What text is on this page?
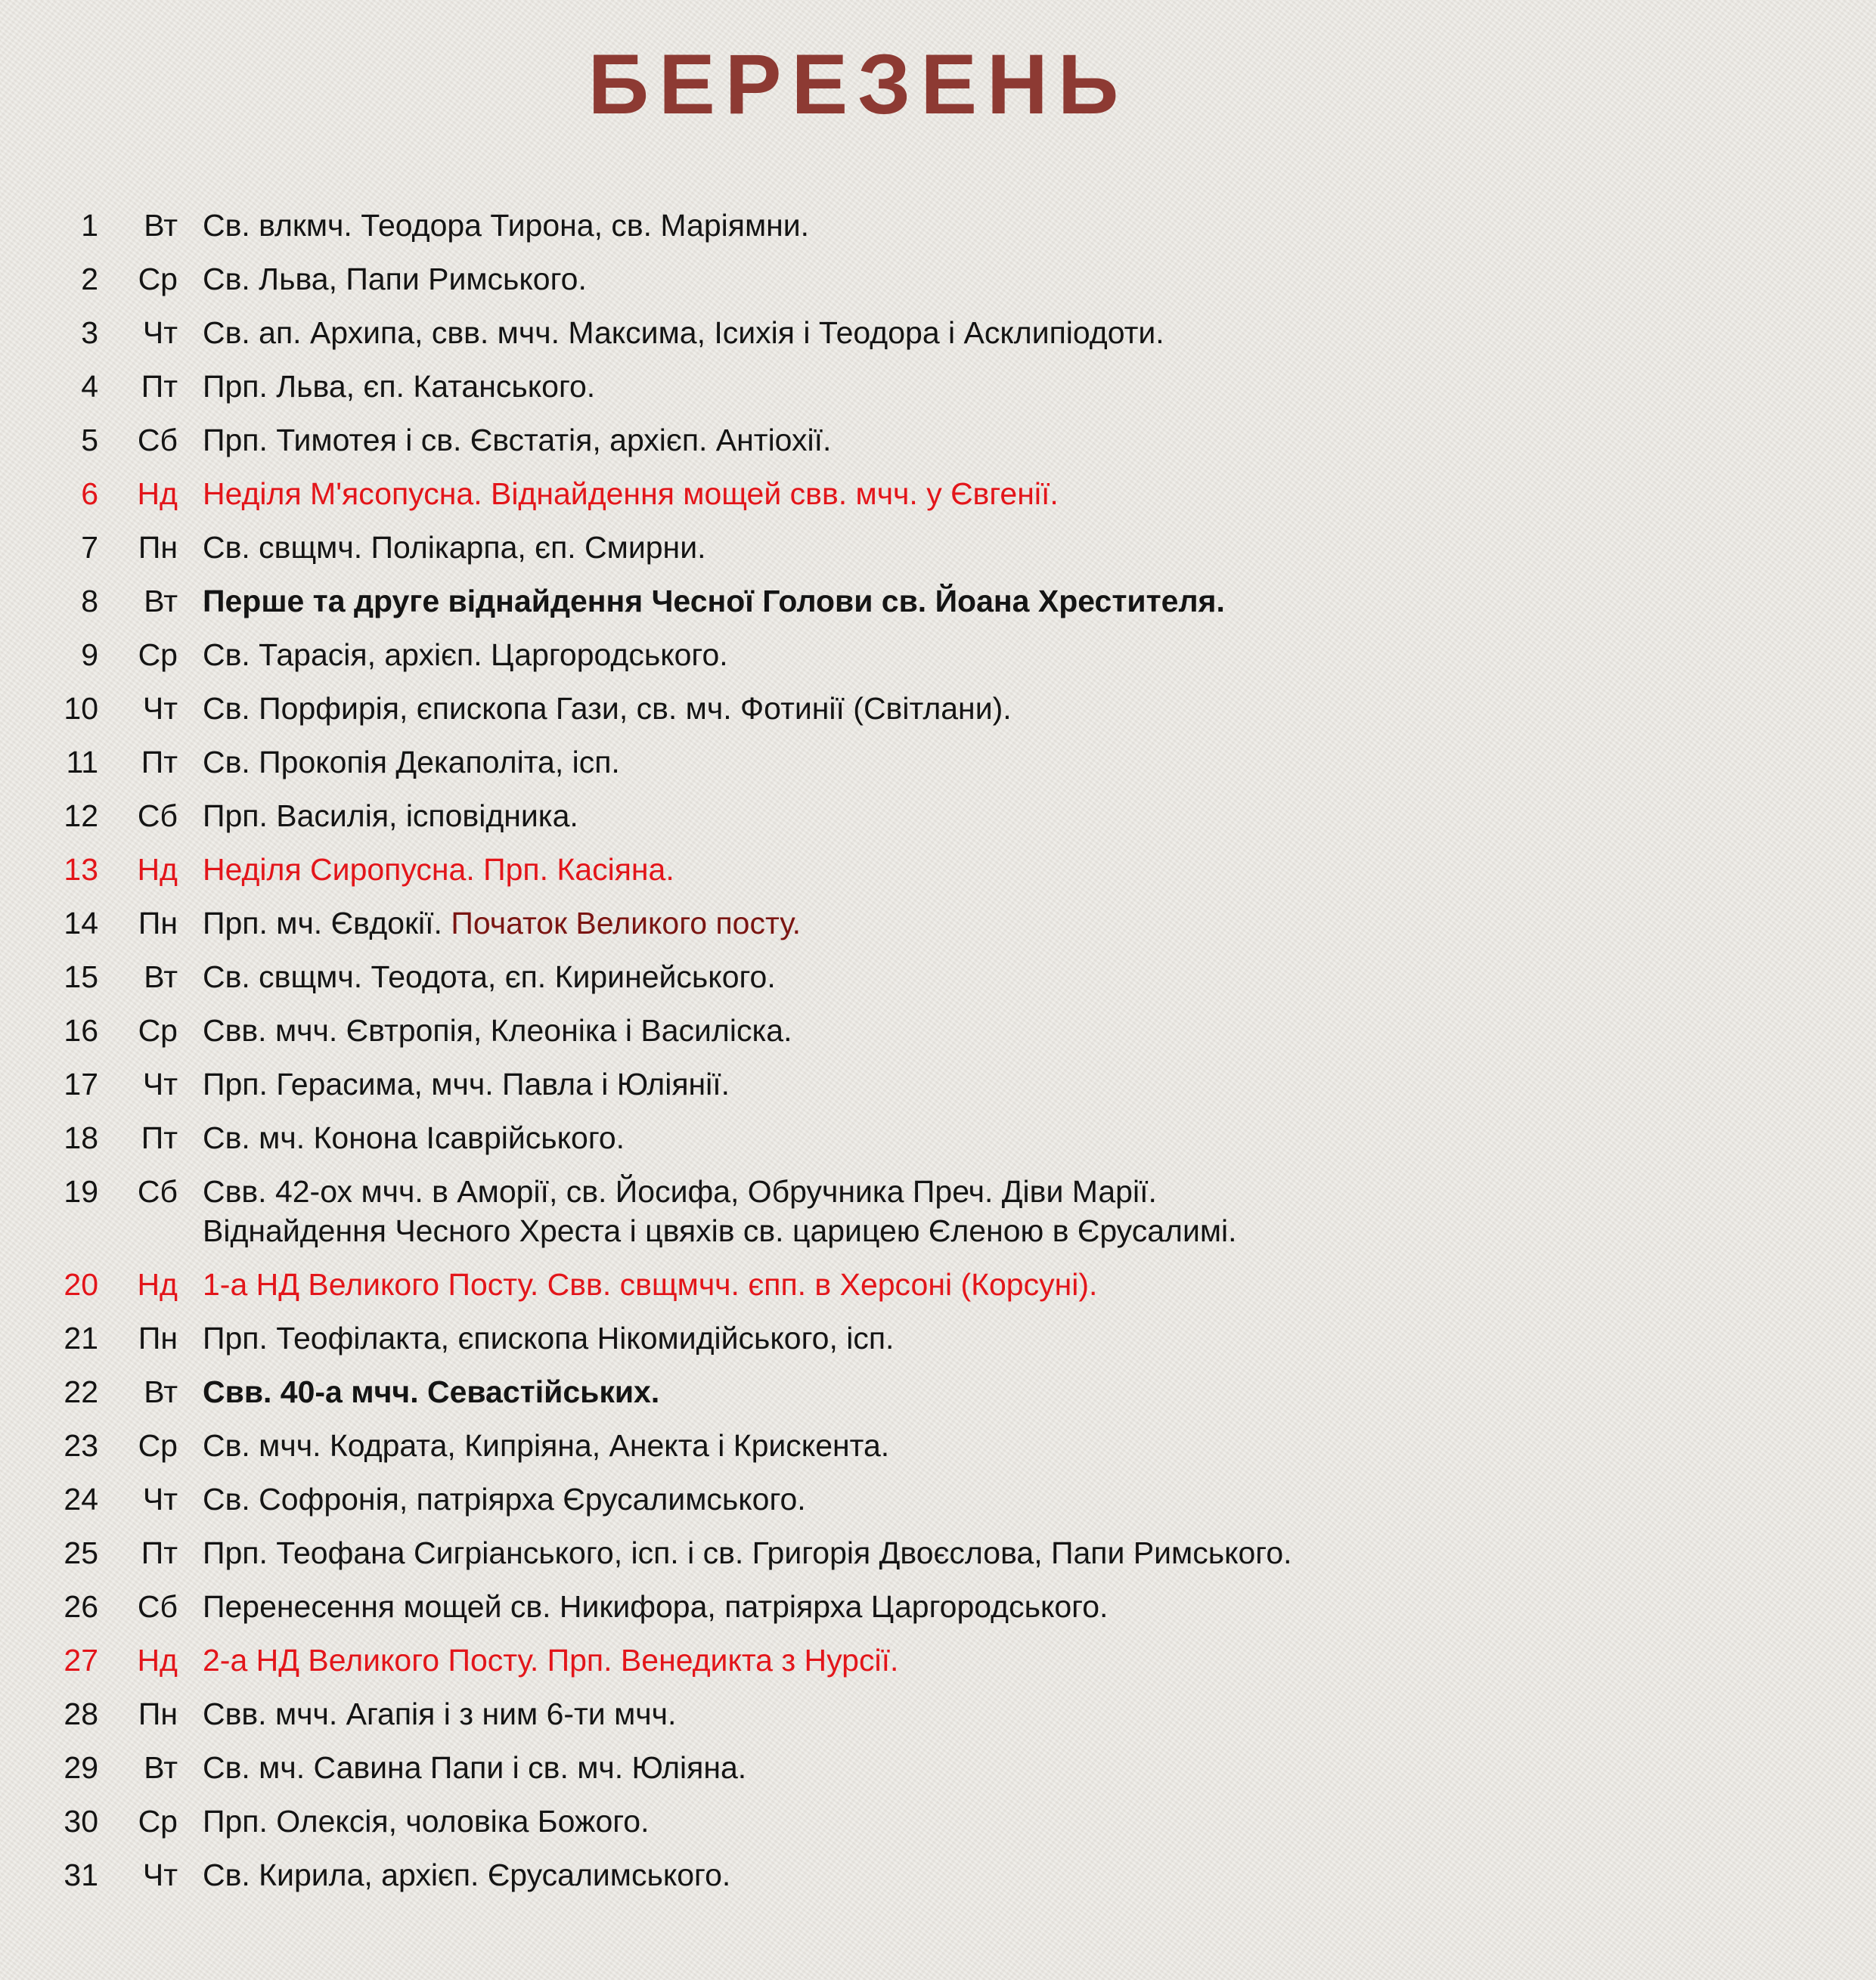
БЕРЕЗЕНЬ
1	Вт Св. влкмч. Теодора Тирона, св. Маріямни.
2	Ср Св. Льва, Папи Римського.
3	Чт Св. ап. Архипа, свв. мчч. Максима, Ісихія і Теодора і Асклипіодоти.
4	Пт Прп. Льва, єп. Катанського.
5	Сб Прп. Тимотея і св. Євстатія, архієп. Антіохії.
6	Нд Неділя М'ясопусна. Віднайдення мощей свв. мчч. у Євгенії.
7	Пн Св. свщмч. Полікарпа, єп. Смирни.
8	Вт Перше та друге віднайдення Чесної Голови св. Йоана Хрестителя.
9	Ср Св. Тарасія, архієп. Царгородського.
10	Чт Св. Порфирія, єпископа Гази, св. мч. Фотинії (Світлани).
11	Пт Св. Прокопія Декаполіта, ісп.
12	Сб Прп. Василія, ісповідника.
13	Нд Неділя Сиропусна. Прп. Касіяна.
14	Пн Прп. мч. Євдокії. Початок Великого посту.
15	Вт Св. свщмч. Теодота, єп. Киринейського.
16	Ср Свв. мчч. Євтропія, Клеоніка і Василіска.
17	Чт Прп. Герасима, мчч. Павла і Юліянії.
18	Пт Св. мч. Конона Ісаврійського.
19	Сб Свв. 42-ох мчч. в Аморії, св. Йосифа, Обручника Преч. Діви Марії.
Віднайдення Чесного Хреста і цвяхів св. царицею Єленою в Єрусалимі.
20	Нд 1-а НД Великого Посту. Свв. свщмчч. єпп. в Херсоні (Корсуні).
21	Пн Прп. Теофілакта, єпископа Нікомидійського, ісп.
22	Вт Свв. 40-а мчч. Севастійських.
23	Ср Св. мчч. Кодрата, Кипріяна, Анекта і Крискента.
24	Чт Св. Софронія, патріярха Єрусалимського.
25	Пт Прп. Теофана Сигріанського, ісп. і св. Григорія Двоєслова, Папи Римського.
26	Сб Перенесення мощей св. Никифора, патріярха Царгородського.
27	Нд 2-а НД Великого Посту. Прп. Венедикта з Нурсії.
28	Пн Свв. мчч. Агапія і з ним 6-ти мчч.
29	Вт Св. мч. Савина Папи і св. мч. Юліяна.
30	Ср Прп. Олексія, чоловіка Божого.
31	Чт Св. Кирила, архієп. Єрусалимського.
